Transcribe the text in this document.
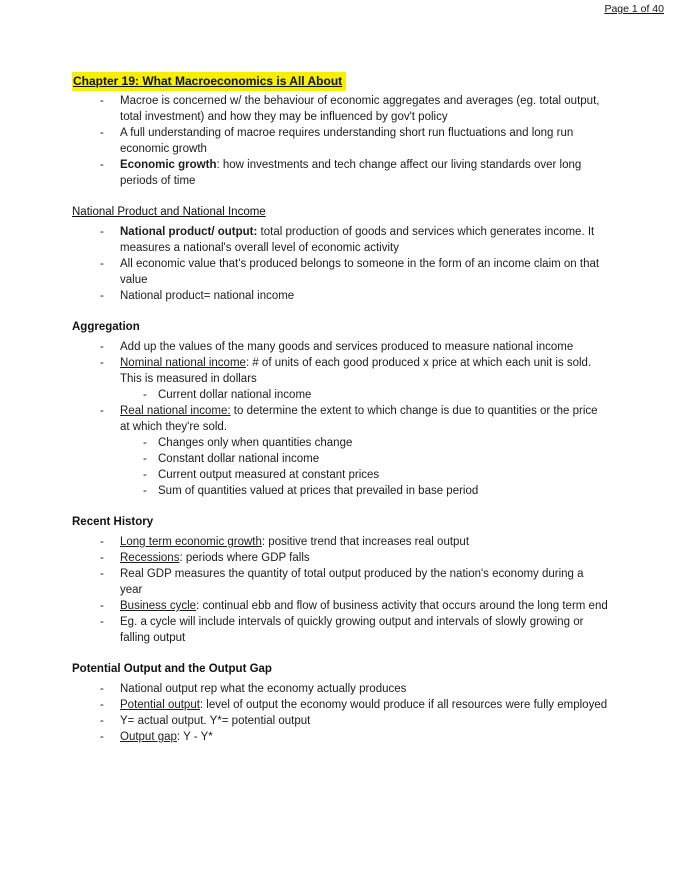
Page 1 of 40
Chapter 19: What Macroeconomics is All About
- Macroe is concerned w/ the behaviour of economic aggregates and averages (eg. total output, total investment) and how they may be influenced by gov't policy
- A full understanding of macroe requires understanding short run fluctuations and long run economic growth
- Economic growth: how investments and tech change affect our living standards over long periods of time
National Product and National Income
- National product/ output: total production of goods and services which generates income. It measures a national's overall level of economic activity
- All economic value that's produced belongs to someone in the form of an income claim on that value
- National product= national income
Aggregation
- Add up the values of the many goods and services produced to measure national income
- Nominal national income: # of units of each good produced x price at which each unit is sold. This is measured in dollars
- Current dollar national income
- Real national income: to determine the extent to which change is due to quantities or the price at which they're sold.
- Changes only when quantities change
- Constant dollar national income
- Current output measured at constant prices
- Sum of quantities valued at prices that prevailed in base period
Recent History
- Long term economic growth: positive trend that increases real output
- Recessions: periods where GDP falls
- Real GDP measures the quantity of total output produced by the nation's economy during a year
- Business cycle: continual ebb and flow of business activity that occurs around the long term end
- Eg. a cycle will include intervals of quickly growing output and intervals of slowly growing or falling output
Potential Output and the Output Gap
- National output rep what the economy actually produces
- Potential output: level of output the economy would produce if all resources were fully employed
- Y= actual output. Y*= potential output
- Output gap: Y - Y*
